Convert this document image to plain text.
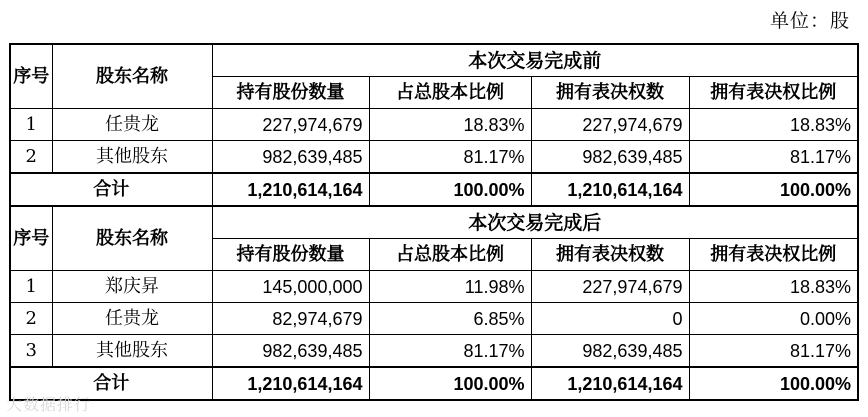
单位：股
序号	股东名称	本次交易完成前			
		持有股份数量	占总股本比例	拥有表决权数	拥有表决权比例
1	任贵龙	227,974,679	18.83%	227,974,679	18.83%
2	其他股东	982,639,485	81.17%	982,639,485	81.17%
合计		1,210,614,164	100.00%	1,210,614,164	100.00%
序号	股东名称	本次交易完成后			
		持有股份数量	占总股本比例	拥有表决权数	拥有表决权比例
1	郑庆昇	145,000,000	11.98%	227,974,679	18.83%
2	任贵龙	82,974,679	6.85%	0	0.00%
3	其他股东	982,639,485	81.17%	982,639,485	81.17%
合计		1,210,614,164	100.00%	1,210,614,164	100.00%
大数据排行
